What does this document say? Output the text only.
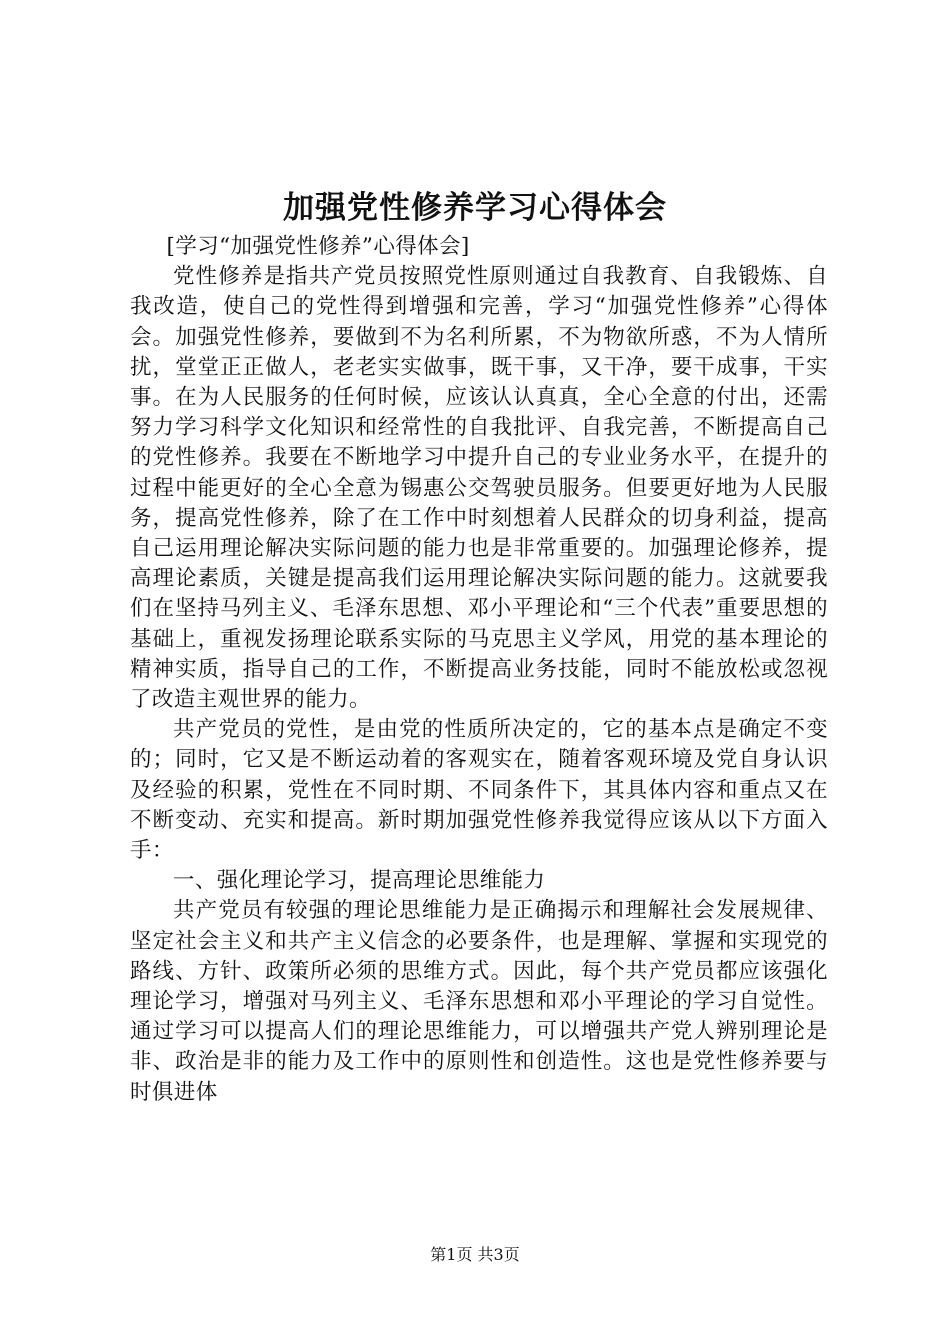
加强党性修养学习心得体会

[学习“加强党性修养”心得体会]

党性修养是指共产党员按照党性原则通过自我教育、自我锻炼、自我改造，使自己的党性得到增强和完善，学习“加强党性修养”心得体会。加强党性修养，要做到不为名利所累，不为物欲所惑，不为人情所扰，堂堂正正做人，老老实实做事，既干事，又干净，要干成事，干实事。在为人民服务的任何时候，应该认认真真，全心全意的付出，还需努力学习科学文化知识和经常性的自我批评、自我完善，不断提高自己的党性修养。我要在不断地学习中提升自己的专业业务水平，在提升的过程中能更好的全心全意为锡惠公交驾驶员服务。但要更好地为人民服务，提高党性修养，除了在工作中时刻想着人民群众的切身利益，提高自己运用理论解决实际问题的能力也是非常重要的。加强理论修养，提高理论素质，关键是提高我们运用理论解决实际问题的能力。这就要我们在坚持马列主义、毛泽东思想、邓小平理论和“三个代表”重要思想的基础上，重视发扬理论联系实际的马克思主义学风，用党的基本理论的精神实质，指导自己的工作，不断提高业务技能，同时不能放松或忽视了改造主观世界的能力。

共产党员的党性，是由党的性质所决定的，它的基本点是确定不变的；同时，它又是不断运动着的客观实在，随着客观环境及党自身认识及经验的积累，党性在不同时期、不同条件下，其具体内容和重点又在不断变动、充实和提高。新时期加强党性修养我觉得应该从以下方面入手：

一、强化理论学习，提高理论思维能力

共产党员有较强的理论思维能力是正确揭示和理解社会发展规律、坚定社会主义和共产主义信念的必要条件，也是理解、掌握和实现党的路线、方针、政策所必须的思维方式。因此，每个共产党员都应该强化理论学习，增强对马列主义、毛泽东思想和邓小平理论的学习自觉性。通过学习可以提高人们的理论思维能力，可以增强共产党人辨别理论是非、政治是非的能力及工作中的原则性和创造性。这也是党性修养要与时俱进体

第1页 共3页
